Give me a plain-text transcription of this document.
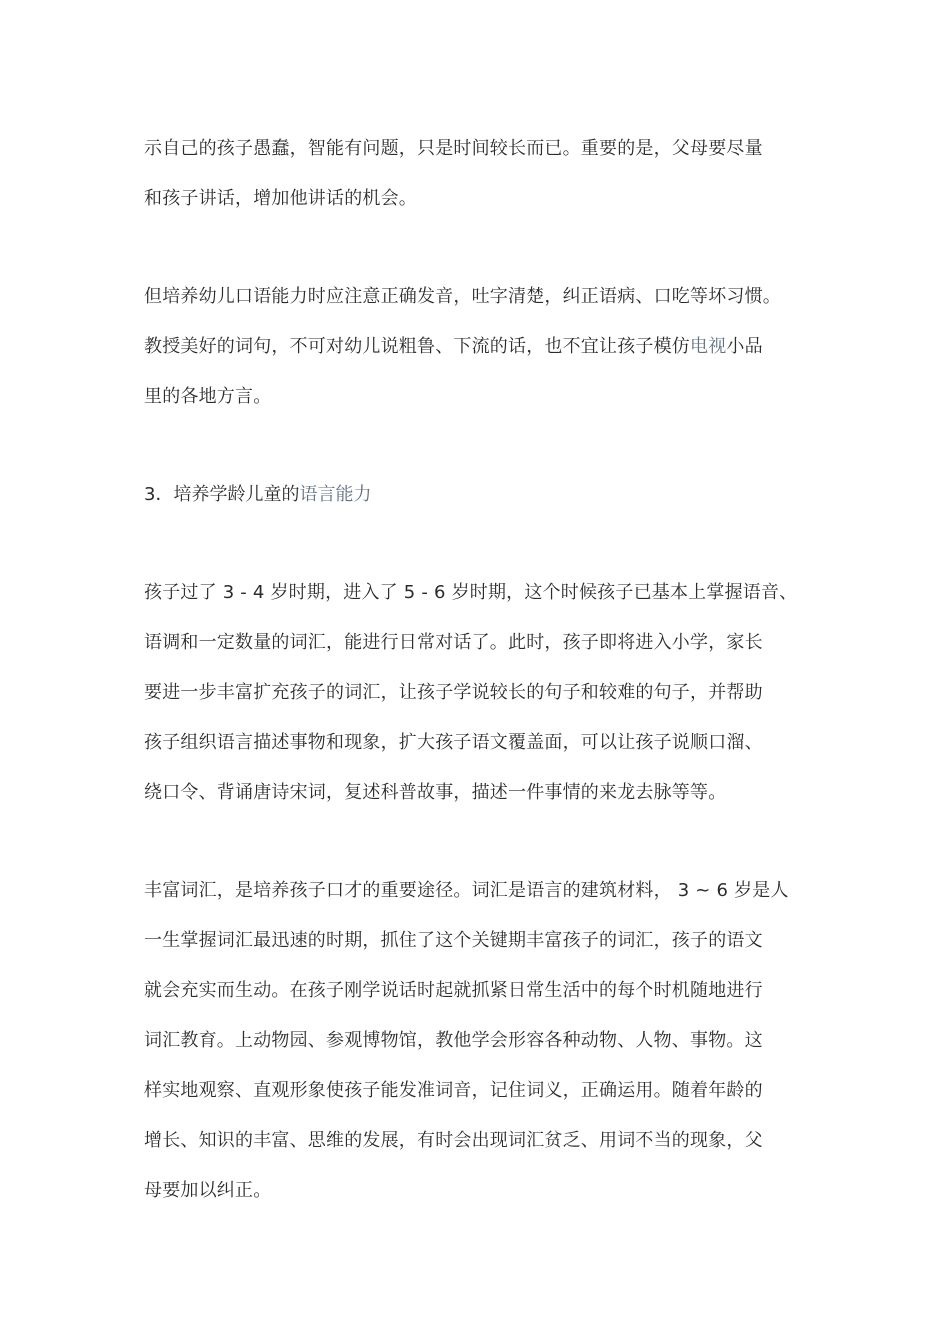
示自己的孩子愚蠢，智能有问题，只是时间较长而已。重要的是，父母要尽量
和孩子讲话，增加他讲话的机会。

但培养幼儿口语能力时应注意正确发音，吐字清楚，纠正语病、口吃等坏习惯。
教授美好的词句，不可对幼儿说粗鲁、下流的话，也不宜让孩子模仿电视小品
里的各地方言。

3．培养学龄儿童的语言能力

孩子过了 3 - 4 岁时期，进入了 5 - 6 岁时期，这个时候孩子已基本上掌握语音、
语调和一定数量的词汇，能进行日常对话了。此时，孩子即将进入小学，家长
要进一步丰富扩充孩子的词汇，让孩子学说较长的句子和较难的句子，并帮助
孩子组织语言描述事物和现象，扩大孩子语文覆盖面，可以让孩子说顺口溜、
绕口令、背诵唐诗宋词，复述科普故事，描述一件事情的来龙去脉等等。

丰富词汇，是培养孩子口才的重要途径。词汇是语言的建筑材料， 3 ~ 6 岁是人
一生掌握词汇最迅速的时期，抓住了这个关键期丰富孩子的词汇，孩子的语文
就会充实而生动。在孩子刚学说话时起就抓紧日常生活中的每个时机随地进行
词汇教育。上动物园、参观博物馆，教他学会形容各种动物、人物、事物。这
样实地观察、直观形象使孩子能发准词音，记住词义，正确运用。随着年龄的
增长、知识的丰富、思维的发展，有时会出现词汇贫乏、用词不当的现象，父
母要加以纠正。
